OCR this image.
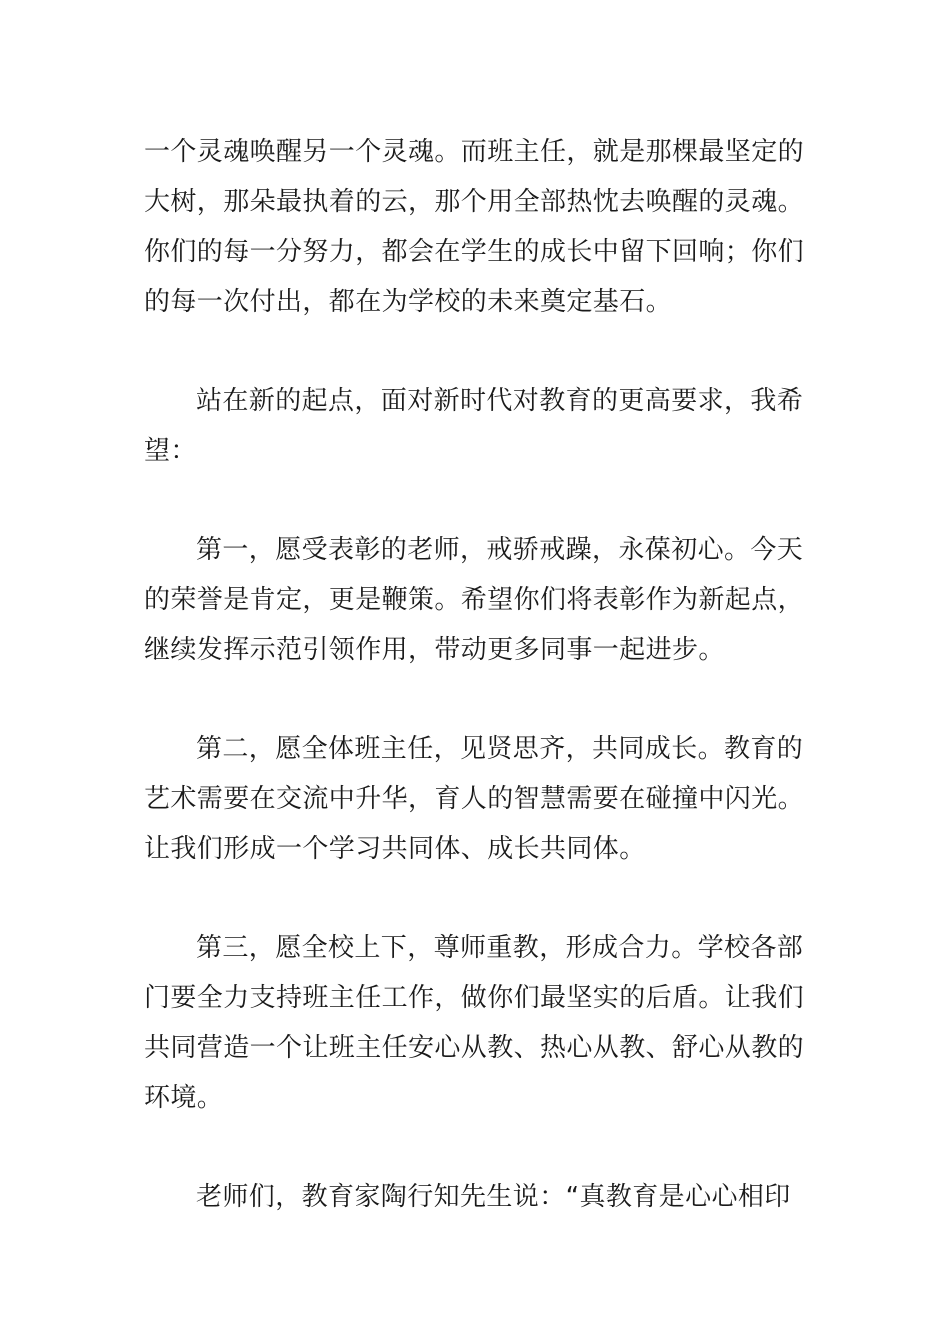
一个灵魂唤醒另一个灵魂。而班主任，就是那棵最坚定的
大树，那朵最执着的云，那个用全部热忱去唤醒的灵魂。
你们的每一分努力，都会在学生的成长中留下回响；你们
的每一次付出，都在为学校的未来奠定基石。
站在新的起点，面对新时代对教育的更高要求，我希
望：
第一，愿受表彰的老师，戒骄戒躁，永葆初心。今天
的荣誉是肯定，更是鞭策。希望你们将表彰作为新起点，
继续发挥示范引领作用，带动更多同事一起进步。
第二，愿全体班主任，见贤思齐，共同成长。教育的
艺术需要在交流中升华，育人的智慧需要在碰撞中闪光。
让我们形成一个学习共同体、成长共同体。
第三，愿全校上下，尊师重教，形成合力。学校各部
门要全力支持班主任工作，做你们最坚实的后盾。让我们
共同营造一个让班主任安心从教、热心从教、舒心从教的
环境。
老师们，教育家陶行知先生说：“真教育是心心相印
